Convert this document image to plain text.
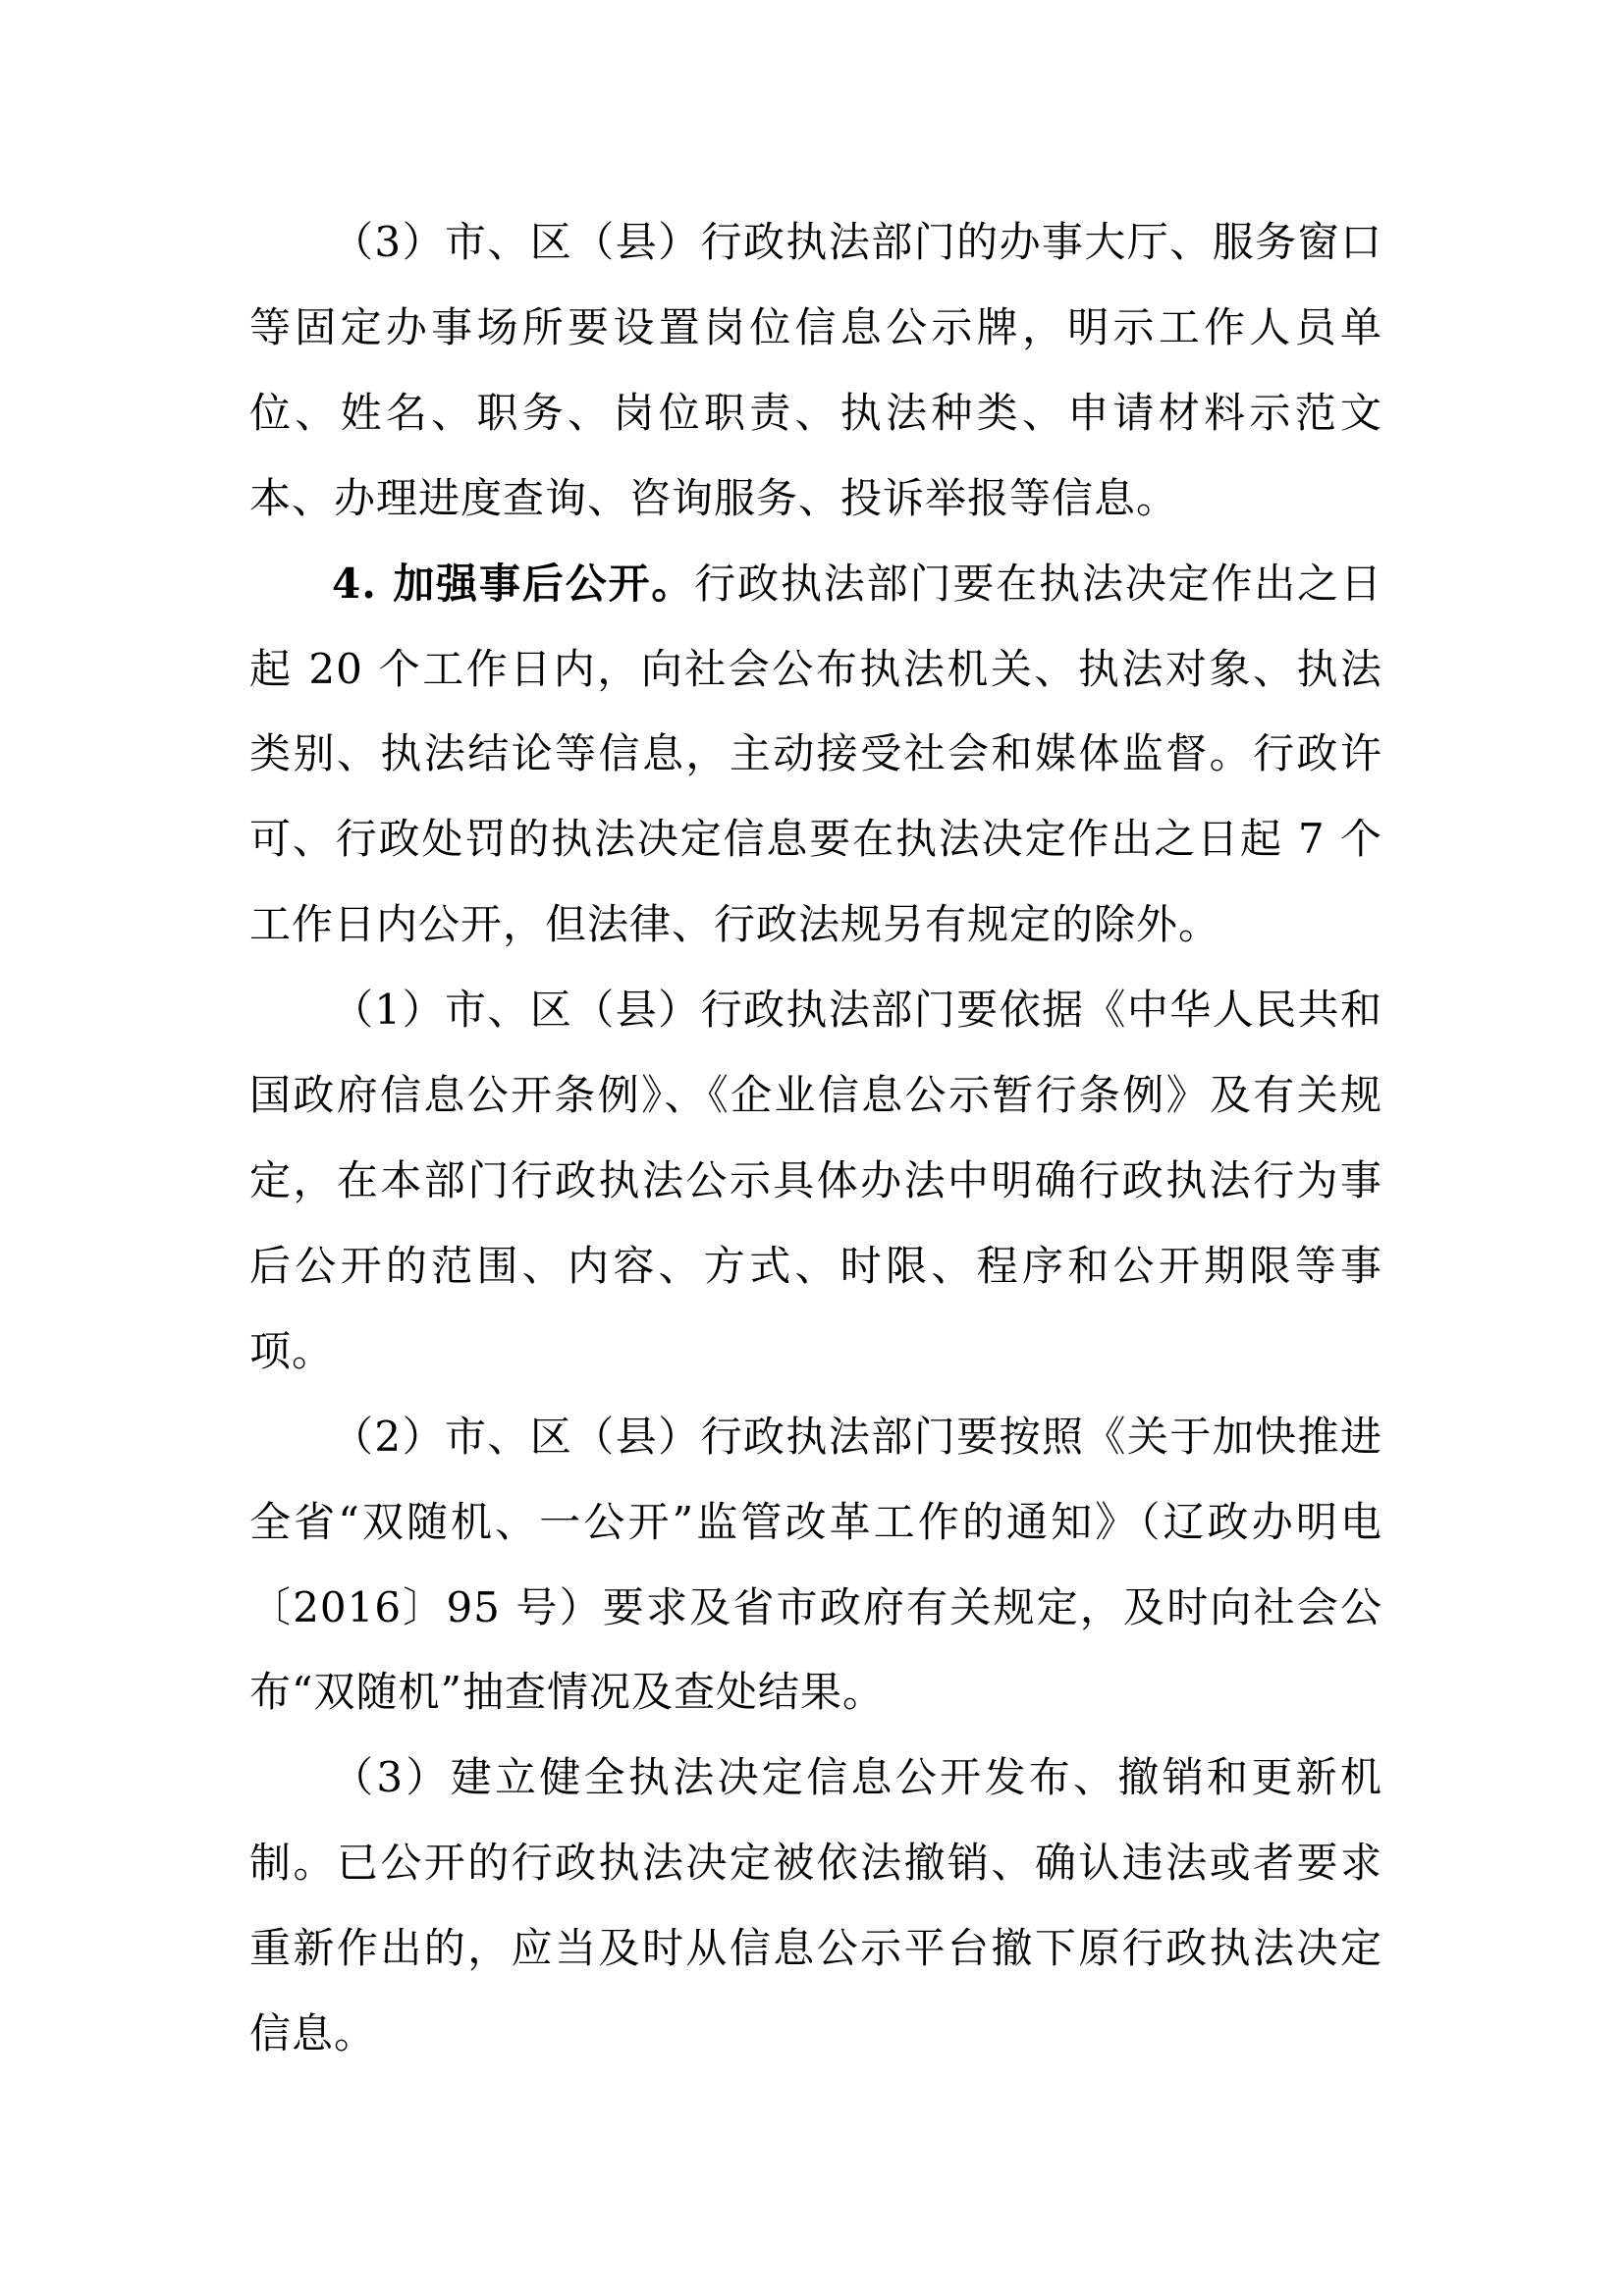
（3）市、区（县）行政执法部门的办事大厅、服务窗口等固定办事场所要设置岗位信息公示牌，明示工作人员单位、姓名、职务、岗位职责、执法种类、申请材料示范文本、办理进度查询、咨询服务、投诉举报等信息。

4. 加强事后公开。行政执法部门要在执法决定作出之日起 20 个工作日内，向社会公布执法机关、执法对象、执法类别、执法结论等信息，主动接受社会和媒体监督。行政许可、行政处罚的执法决定信息要在执法决定作出之日起 7 个工作日内公开，但法律、行政法规另有规定的除外。

（1）市、区（县）行政执法部门要依据《中华人民共和国政府信息公开条例》、《企业信息公示暂行条例》及有关规定，在本部门行政执法公示具体办法中明确行政执法行为事后公开的范围、内容、方式、时限、程序和公开期限等事项。

（2）市、区（县）行政执法部门要按照《关于加快推进全省“双随机、一公开”监管改革工作的通知》（辽政办明电〔2016〕95 号）要求及省市政府有关规定，及时向社会公布“双随机”抽查情况及查处结果。

（3）建立健全执法决定信息公开发布、撤销和更新机制。已公开的行政执法决定被依法撤销、确认违法或者要求重新作出的，应当及时从信息公示平台撤下原行政执法决定信息。
